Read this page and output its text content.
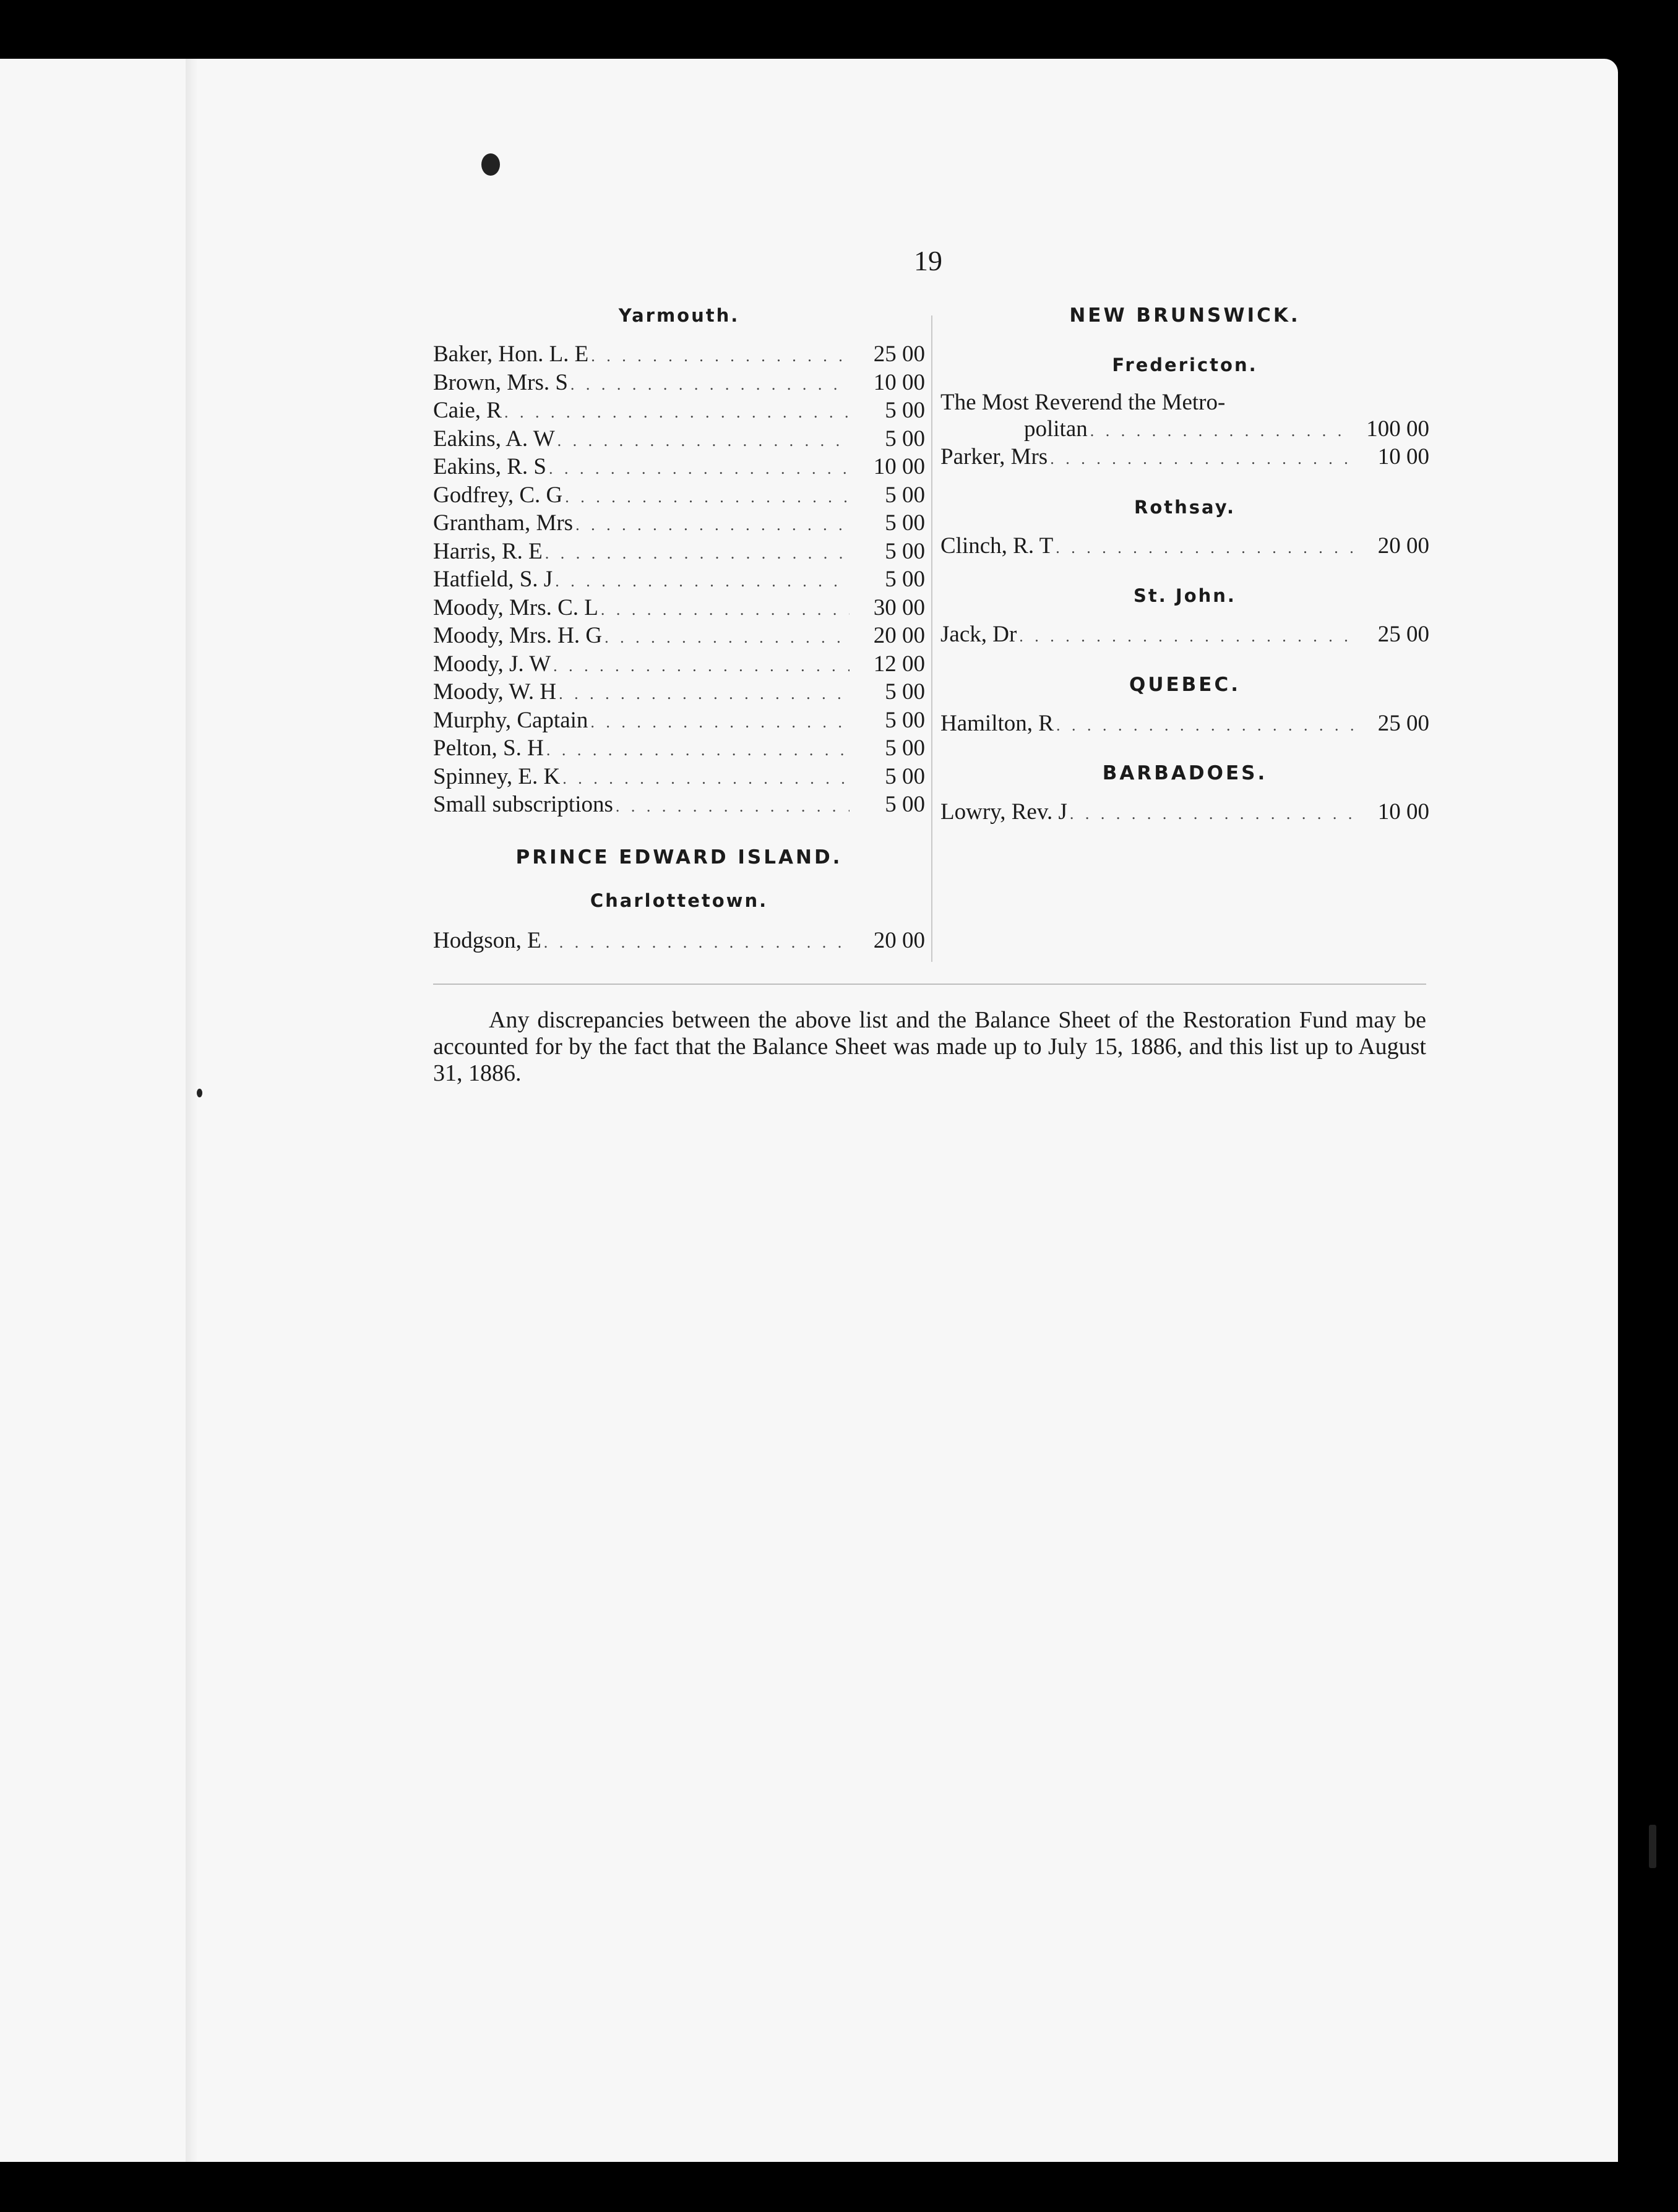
19
Yarmouth.
Baker, Hon. L. E . . .	25 00
Brown, Mrs. S . . .	10 00
Caie, R . . .	5 00
Eakins, A. W . . .	5 00
Eakins, R. S . . .	10 00
Godfrey, C. G . . .	5 00
Grantham, Mrs . . .	5 00
Harris, R. E . . .	5 00
Hatfield, S. J . . .	5 00
Moody, Mrs. C. L . . .	30 00
Moody, Mrs. H. G . . .	20 00
Moody, J. W . . .	12 00
Moody, W. H . . .	5 00
Murphy, Captain . . .	5 00
Pelton, S. H . . .	5 00
Spinney, E. K . . .	5 00
Small subscriptions . . .	5 00
PRINCE EDWARD ISLAND.
Charlottetown.
Hodgson, E . . .	20 00
NEW BRUNSWICK.
Fredericton.
The Most Reverend the Metro-
politan . . .	100 00
Parker, Mrs . . .	10 00
Rothsay.
Clinch, R. T . . .	20 00
St. John.
Jack, Dr . . .	25 00
QUEBEC.
Hamilton, R . . .	25 00
BARBADOES.
Lowry, Rev. J . . .	10 00
Any discrepancies between the above list and the Balance Sheet of the Restoration Fund may be accounted for by the fact that the Balance Sheet was made up to July 15, 1886, and this list up to August 31, 1886.
